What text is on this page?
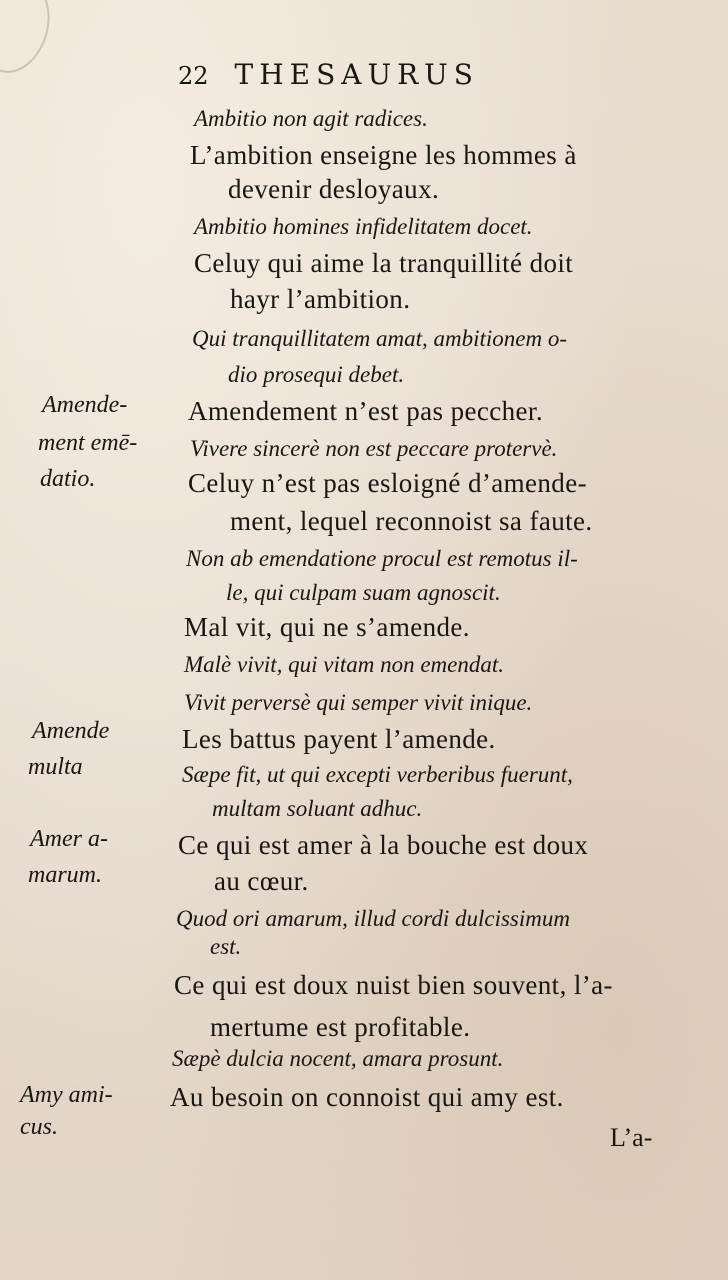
22 THESAURUS
Amende-
ment emē-
datio.
Amende
multa
Amer a-
marum.
Amy ami-
cus.
Ambitio non agit radices.
L’ambition enseigne les hommes à
devenir desloyaux.
Ambitio homines infidelitatem docet.
Celuy qui aime la tranquillité doit
hayr l’ambition.
Qui tranquillitatem amat, ambitionem o-
dio prosequi debet.
Amendement n’est pas peccher.
Vivere sincerè non est peccare protervè.
Celuy n’est pas esloigné d’amende-
ment, lequel reconnoist sa faute.
Non ab emendatione procul est remotus il-
le, qui culpam suam agnoscit.
Mal vit, qui ne s’amende.
Malè vivit, qui vitam non emendat.
Vivit perversè qui semper vivit inique.
Les battus payent l’amende.
Sæpe fit, ut qui excepti verberibus fuerunt,
multam soluant adhuc.
Ce qui est amer à la bouche est doux
au cœur.
Quod ori amarum, illud cordi dulcissimum
est.
Ce qui est doux nuist bien souvent, l’a-
mertume est profitable.
Sæpè dulcia nocent, amara prosunt.
Au besoin on connoist qui amy est.
L’a-
